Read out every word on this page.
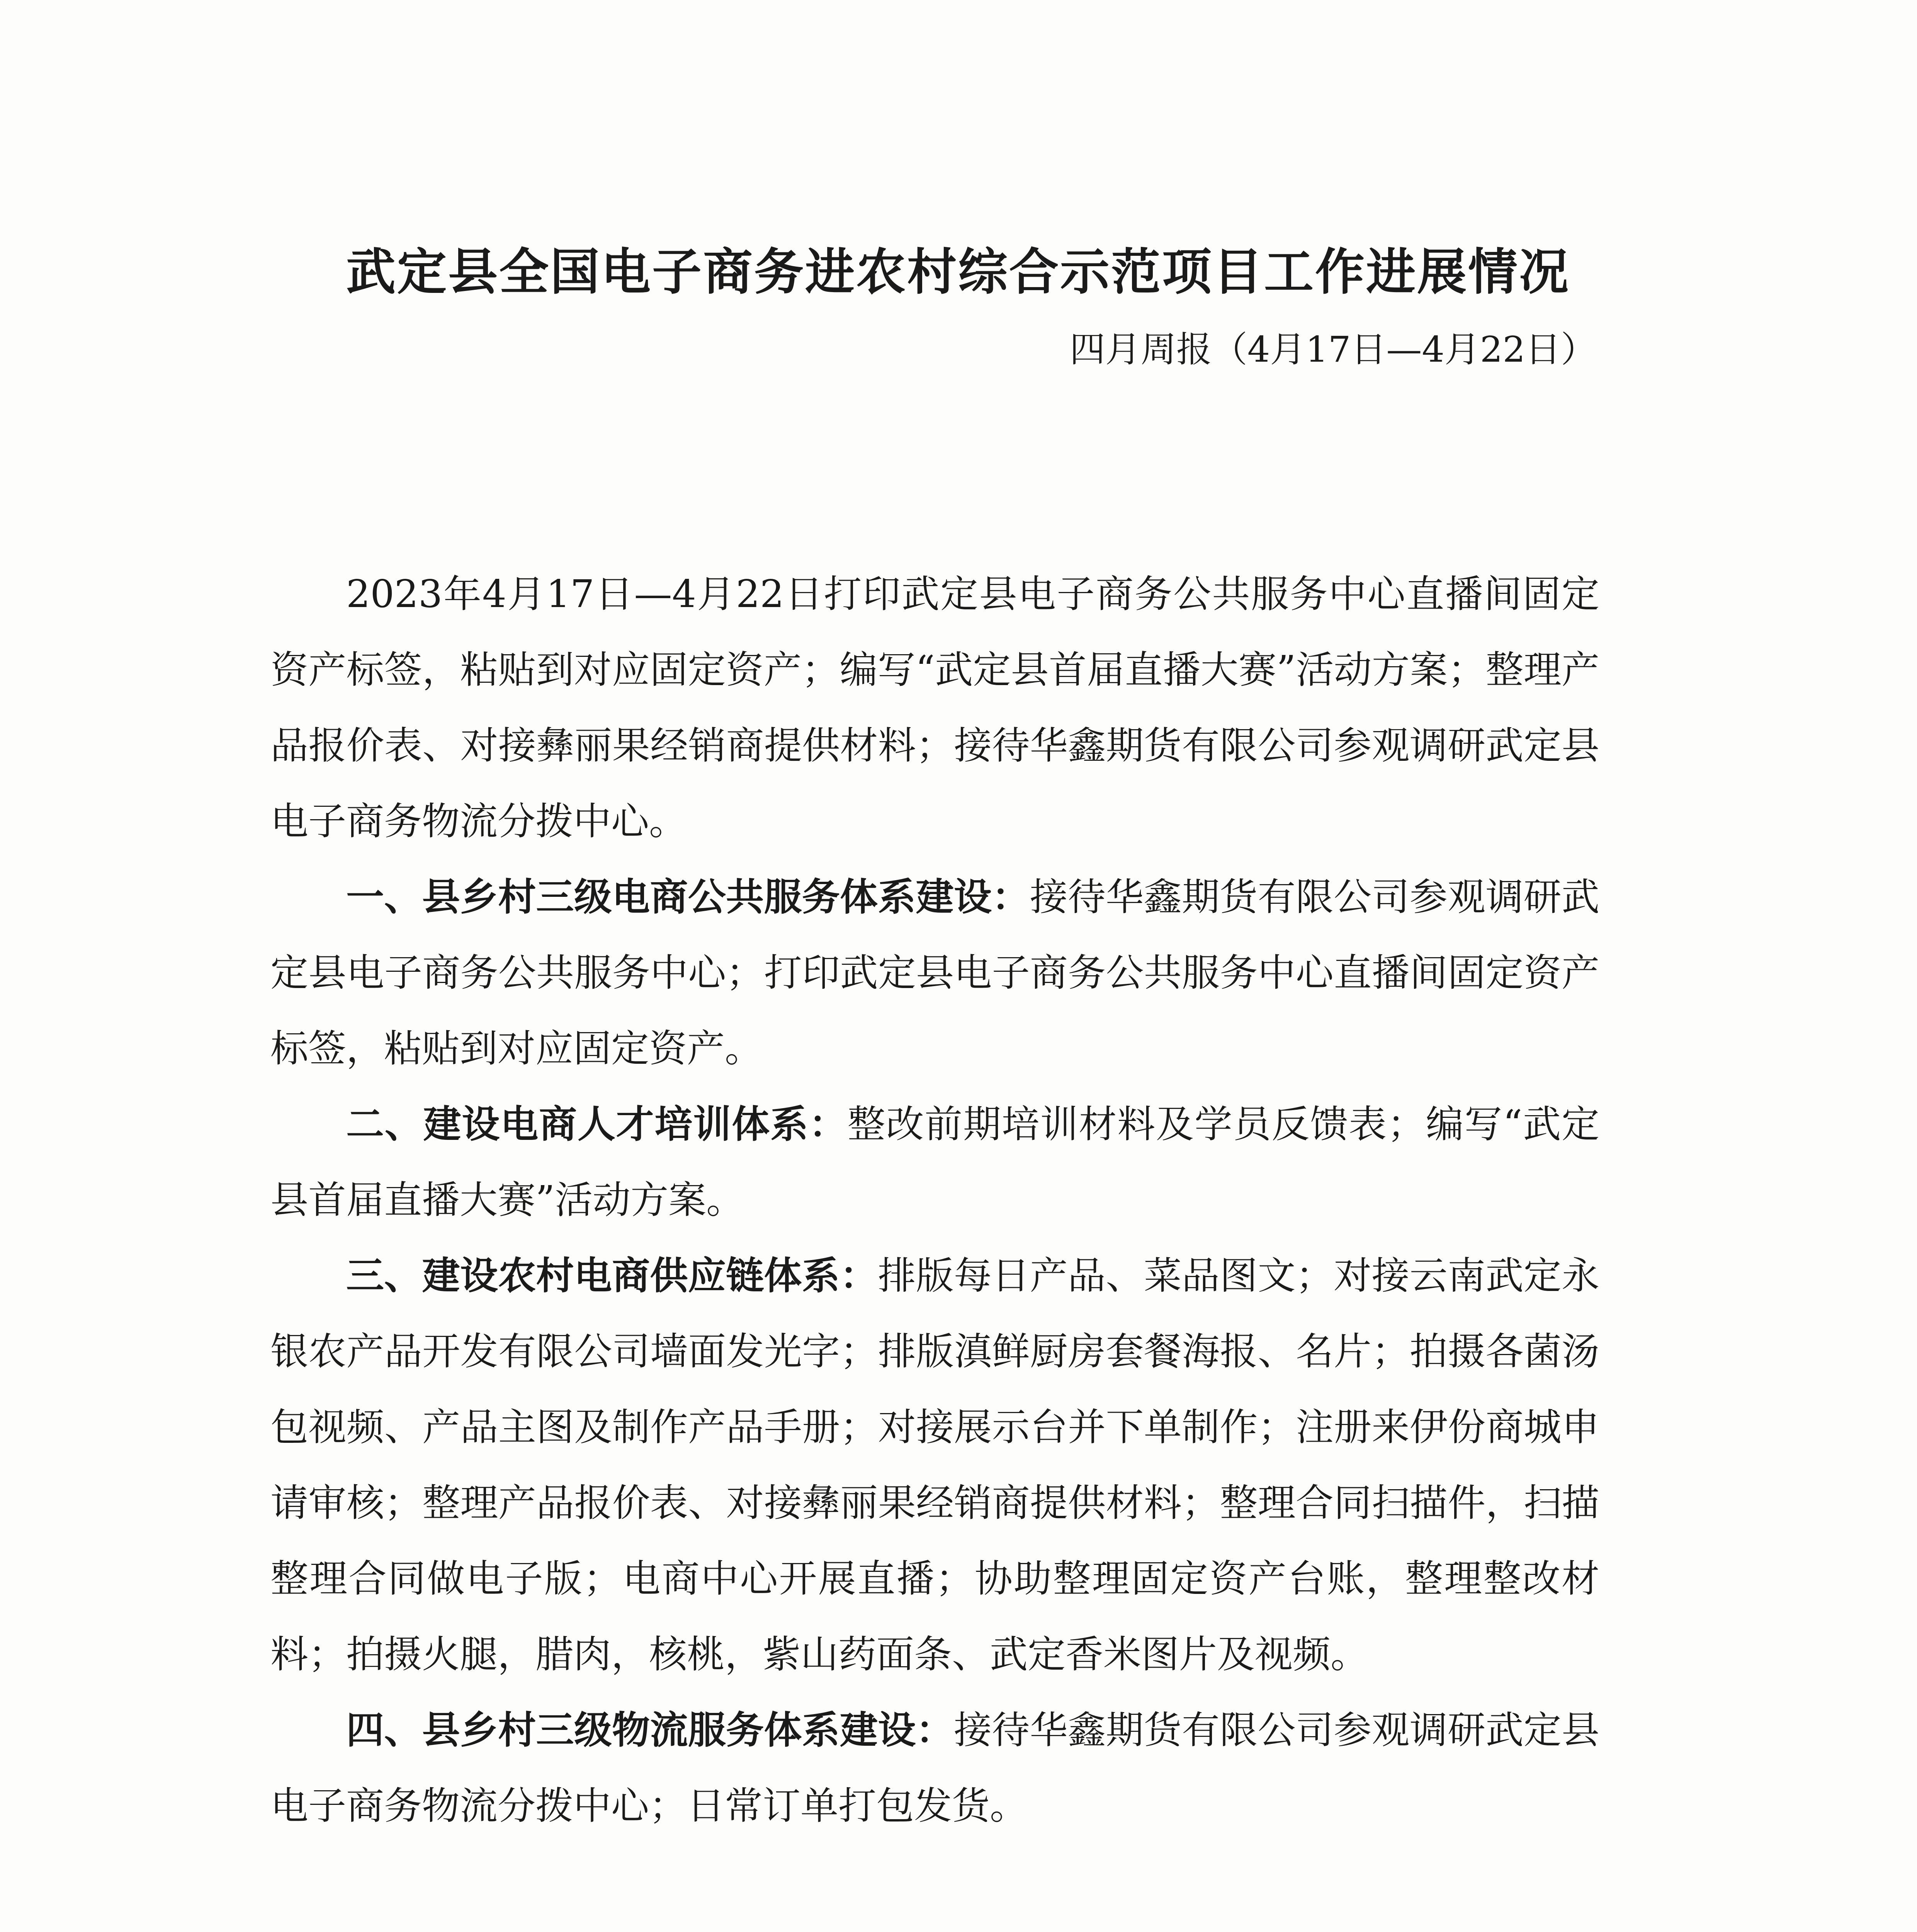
武定县全国电子商务进农村综合示范项目工作进展情况
四月周报（4月17日—4月22日）

2023年4月17日—4月22日打印武定县电子商务公共服务中心直播间固定资产标签，粘贴到对应固定资产；编写“武定县首届直播大赛”活动方案；整理产品报价表、对接彝丽果经销商提供材料；接待华鑫期货有限公司参观调研武定县电子商务物流分拨中心。

一、县乡村三级电商公共服务体系建设：接待华鑫期货有限公司参观调研武定县电子商务公共服务中心；打印武定县电子商务公共服务中心直播间固定资产标签，粘贴到对应固定资产。

二、建设电商人才培训体系：整改前期培训材料及学员反馈表；编写“武定县首届直播大赛”活动方案。

三、建设农村电商供应链体系：排版每日产品、菜品图文；对接云南武定永银农产品开发有限公司墙面发光字；排版滇鲜厨房套餐海报、名片；拍摄各菌汤包视频、产品主图及制作产品手册；对接展示台并下单制作；注册来伊份商城申请审核；整理产品报价表、对接彝丽果经销商提供材料；整理合同扫描件，扫描整理合同做电子版；电商中心开展直播；协助整理固定资产台账，整理整改材料；拍摄火腿，腊肉，核桃，紫山药面条、武定香米图片及视频。

四、县乡村三级物流服务体系建设：接待华鑫期货有限公司参观调研武定县电子商务物流分拨中心；日常订单打包发货。
